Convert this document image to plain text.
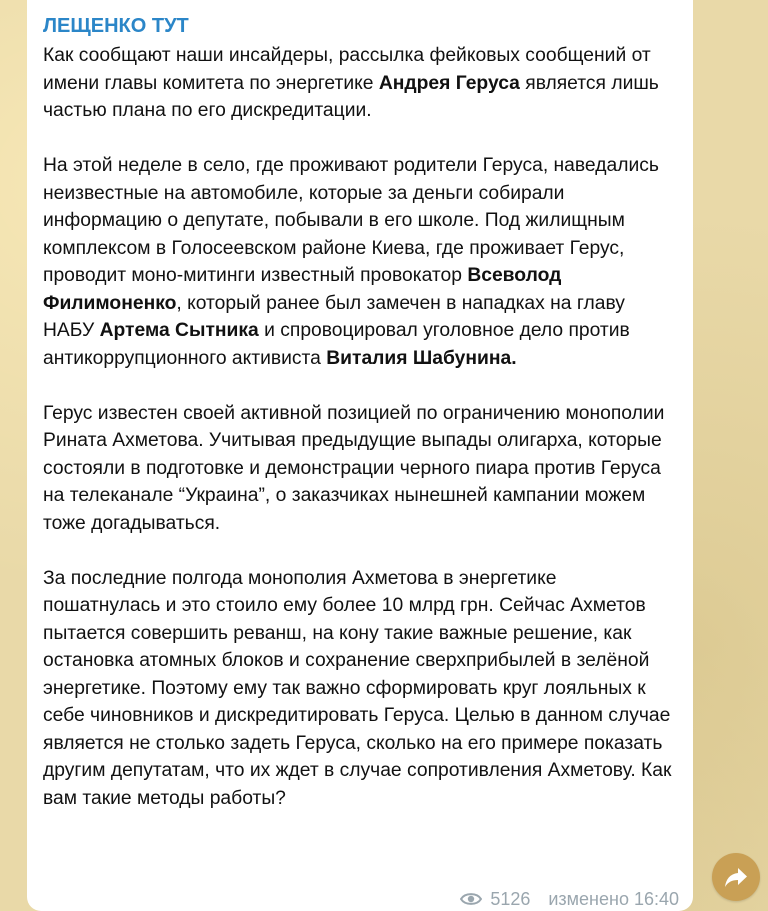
ЛЕЩЕНКО ТУТ

Как сообщают наши инсайдеры, рассылка фейковых сообщений от имени главы комитета по энергетике Андрея Геруса является лишь частью плана по его дискредитации.

На этой неделе в село, где проживают родители Геруса, наведались неизвестные на автомобиле, которые за деньги собирали информацию о депутате, побывали в его школе. Под жилищным комплексом в Голосеевском районе Киева, где проживает Герус, проводит моно-митинги известный провокатор Всеволод Филимоненко, который ранее был замечен в нападках на главу НАБУ Артема Сытника и спровоцировал уголовное дело против антикоррупционного активиста Виталия Шабунина.

Герус известен своей активной позицией по ограничению монополии Рината Ахметова. Учитывая предыдущие выпады олигарха, которые состояли в подготовке и демонстрации черного пиара против Геруса на телеканале “Украина”, о заказчиках нынешней кампании можем тоже догадываться.

За последние полгода монополия Ахметова в энергетике пошатнулась и это стоило ему более 10 млрд грн. Сейчас Ахметов пытается совершить реванш, на кону такие важные решение, как остановка атомных блоков и сохранение сверхприбылей в зелёной энергетике. Поэтому ему так важно сформировать круг лояльных к себе чиновников и дискредитировать Геруса. Целью в данном случае является не столько задеть Геруса, сколько на его примере показать другим депутатам, что их ждет в случае сопротивления Ахметову. Как вам такие методы работы?

5126 изменено 16:40
